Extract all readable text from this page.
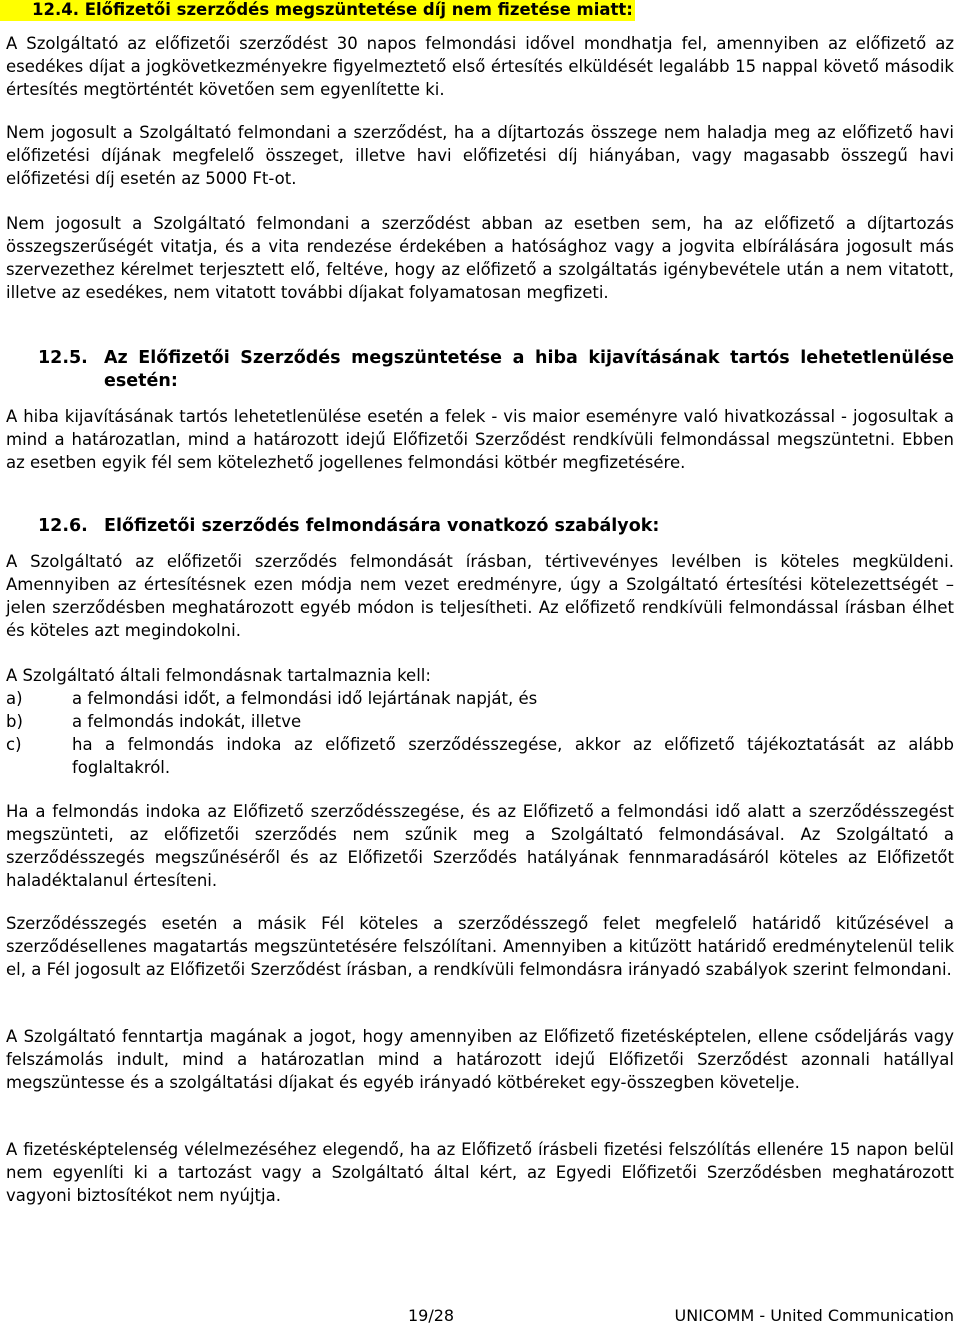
12.4. Előfizetői szerződés megszüntetése díj nem fizetése miatt:

A Szolgáltató az előfizetői szerződést 30 napos felmondási idővel mondhatja fel, amennyiben az előfizető az esedékes díjat a jogkövetkezményekre figyelmeztető első értesítés elküldését legalább 15 nappal követő második értesítés megtörténtét követően sem egyenlítette ki.

Nem jogosult a Szolgáltató felmondani a szerződést, ha a díjtartozás összege nem haladja meg az előfizető havi előfizetési díjának megfelelő összeget, illetve havi előfizetési díj hiányában, vagy magasabb összegű havi előfizetési díj esetén az 5000 Ft-ot.

Nem jogosult a Szolgáltató felmondani a szerződést abban az esetben sem, ha az előfizető a díjtartozás összegszerűségét vitatja, és a vita rendezése érdekében a hatósághoz vagy a jogvita elbírálására jogosult más szervezethez kérelmet terjesztett elő, feltéve, hogy az előfizető a szolgáltatás igénybevétele után a nem vitatott, illetve az esedékes, nem vitatott további díjakat folyamatosan megfizeti.

12.5. Az Előfizetői Szerződés megszüntetése a hiba kijavításának tartós lehetetlenülése esetén:

A hiba kijavításának tartós lehetetlenülése esetén a felek - vis maior eseményre való hivatkozással - jogosultak a mind a határozatlan, mind a határozott idejű Előfizetői Szerződést rendkívüli felmondással megszüntetni. Ebben az esetben egyik fél sem kötelezhető jogellenes felmondási kötbér megfizetésére.

12.6. Előfizetői szerződés felmondására vonatkozó szabályok:

A Szolgáltató az előfizetői szerződés felmondását írásban, tértivevényes levélben is köteles megküldeni. Amennyiben az értesítésnek ezen módja nem vezet eredményre, úgy a Szolgáltató értesítési kötelezettségét – jelen szerződésben meghatározott egyéb módon is teljesítheti. Az előfizető rendkívüli felmondással írásban élhet és köteles azt megindokolni.

A Szolgáltató általi felmondásnak tartalmaznia kell:

a)	a felmondási időt, a felmondási idő lejártának napját, és
b)	a felmondás indokát, illetve
c)	ha a felmondás indoka az előfizető szerződésszegése, akkor az előfizető tájékoztatását az alább foglaltakról.

Ha a felmondás indoka az Előfizető szerződésszegése, és az Előfizető a felmondási idő alatt a szerződésszegést megszünteti, az előfizetői szerződés nem szűnik meg a Szolgáltató felmondásával. Az Szolgáltató a szerződésszegés megszűnéséről és az Előfizetői Szerződés hatályának fennmaradásáról köteles az Előfizetőt haladéktalanul értesíteni.

Szerződésszegés esetén a másik Fél köteles a szerződésszegő felet megfelelő határidő kitűzésével a szerződésellenes magatartás megszüntetésére felszólítani. Amennyiben a kitűzött határidő eredménytelenül telik el, a Fél jogosult az Előfizetői Szerződést írásban, a rendkívüli felmondásra irányadó szabályok szerint felmondani.

A Szolgáltató fenntartja magának a jogot, hogy amennyiben az Előfizető fizetésképtelen, ellene csődeljárás vagy felszámolás indult, mind a határozatlan mind a határozott idejű Előfizetői Szerződést azonnali hatállyal megszüntesse és a szolgáltatási díjakat és egyéb irányadó kötbéreket egy-összegben követelje.

A fizetésképtelenség vélelmezéséhez elegendő, ha az Előfizető írásbeli fizetési felszólítás ellenére 15 napon belül nem egyenlíti ki a tartozást vagy a Szolgáltató által kért, az Egyedi Előfizetői Szerződésben meghatározott vagyoni biztosítékot nem nyújtja.

19/28	UNICOMM - United Communication
